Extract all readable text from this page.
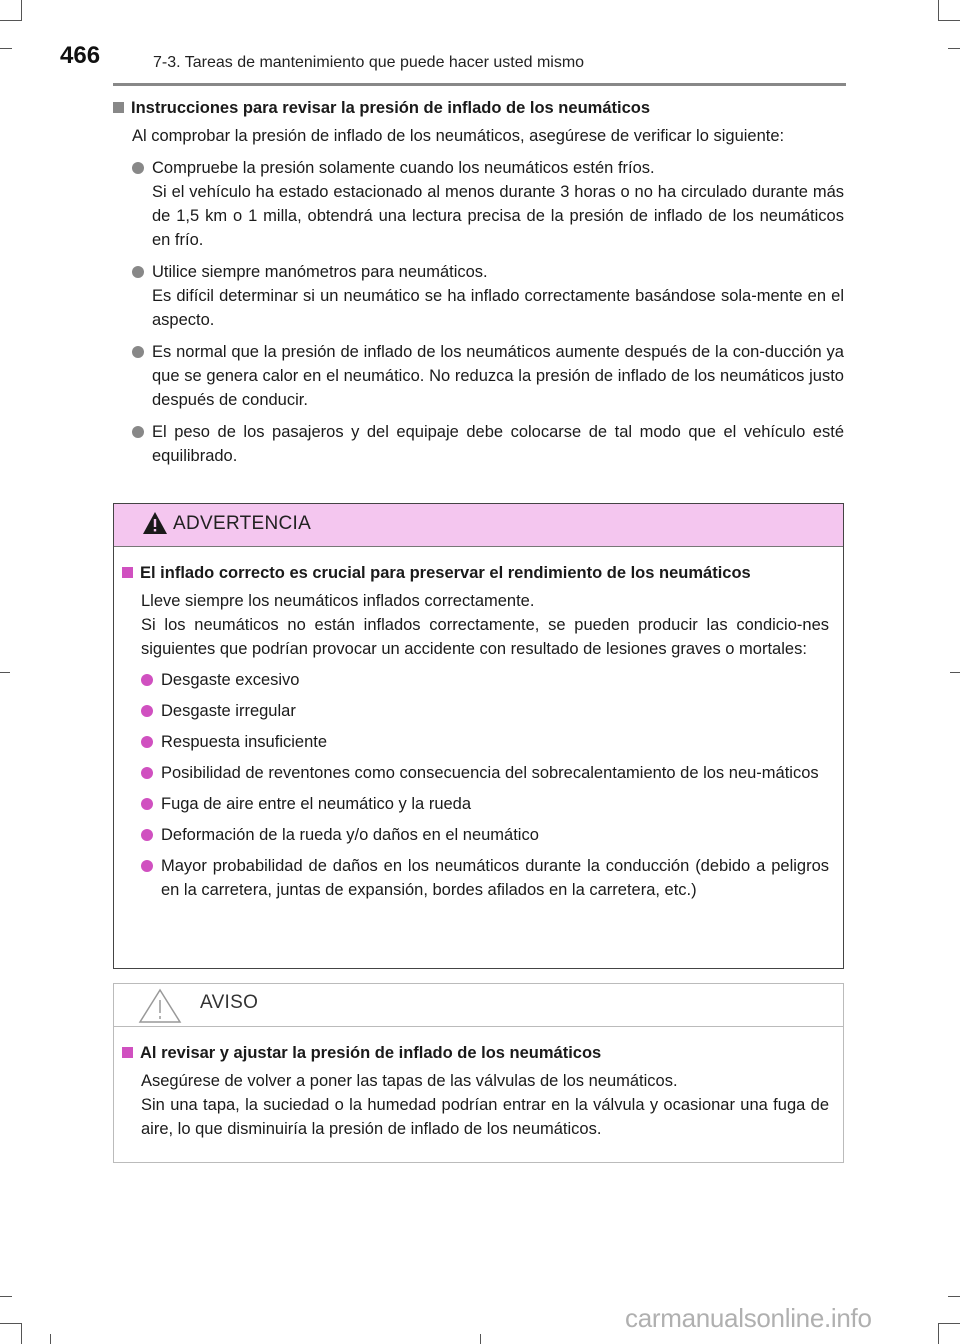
466	7-3. Tareas de mantenimiento que puede hacer usted mismo
Instrucciones para revisar la presión de inflado de los neumáticos
Al comprobar la presión de inflado de los neumáticos, asegúrese de verificar lo siguiente:
Compruebe la presión solamente cuando los neumáticos estén fríos.
Si el vehículo ha estado estacionado al menos durante 3 horas o no ha circulado durante más de 1,5 km o 1 milla, obtendrá una lectura precisa de la presión de inflado de los neumáticos en frío.
Utilice siempre manómetros para neumáticos.
Es difícil determinar si un neumático se ha inflado correctamente basándose sola-mente en el aspecto.
Es normal que la presión de inflado de los neumáticos aumente después de la con-ducción ya que se genera calor en el neumático. No reduzca la presión de inflado de los neumáticos justo después de conducir.
El peso de los pasajeros y del equipaje debe colocarse de tal modo que el vehículo esté equilibrado.
ADVERTENCIA
El inflado correcto es crucial para preservar el rendimiento de los neumáticos
Lleve siempre los neumáticos inflados correctamente.
Si los neumáticos no están inflados correctamente, se pueden producir las condicio-nes siguientes que podrían provocar un accidente con resultado de lesiones graves o mortales:
Desgaste excesivo
Desgaste irregular
Respuesta insuficiente
Posibilidad de reventones como consecuencia del sobrecalentamiento de los neu-máticos
Fuga de aire entre el neumático y la rueda
Deformación de la rueda y/o daños en el neumático
Mayor probabilidad de daños en los neumáticos durante la conducción (debido a peligros en la carretera, juntas de expansión, bordes afilados en la carretera, etc.)
AVISO
Al revisar y ajustar la presión de inflado de los neumáticos
Asegúrese de volver a poner las tapas de las válvulas de los neumáticos.
Sin una tapa, la suciedad o la humedad podrían entrar en la válvula y ocasionar una fuga de aire, lo que disminuiría la presión de inflado de los neumáticos.
carmanualsonline.info
